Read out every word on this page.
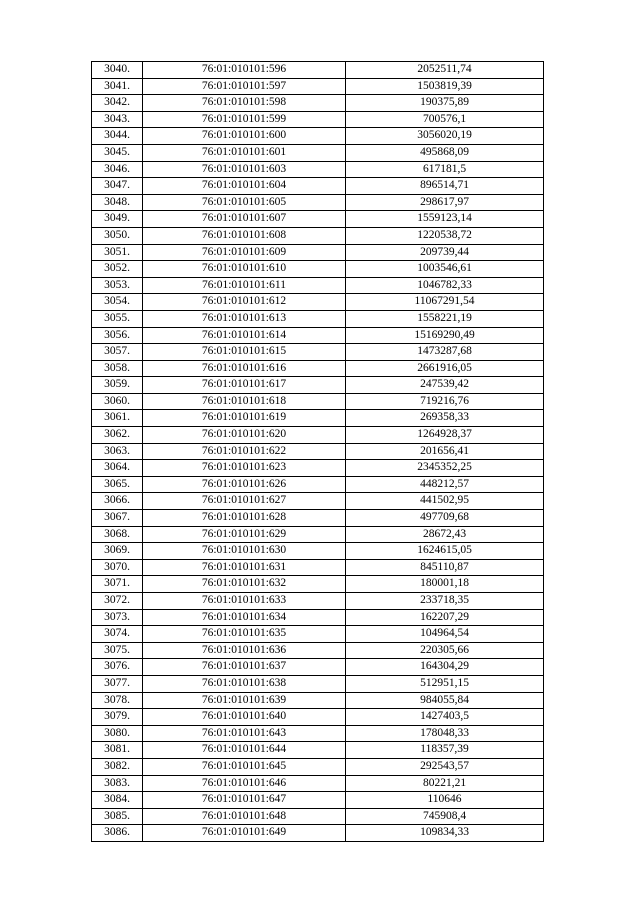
3040.	76:01:010101:596	2052511,74
3041.	76:01:010101:597	1503819,39
3042.	76:01:010101:598	190375,89
3043.	76:01:010101:599	700576,1
3044.	76:01:010101:600	3056020,19
3045.	76:01:010101:601	495868,09
3046.	76:01:010101:603	617181,5
3047.	76:01:010101:604	896514,71
3048.	76:01:010101:605	298617,97
3049.	76:01:010101:607	1559123,14
3050.	76:01:010101:608	1220538,72
3051.	76:01:010101:609	209739,44
3052.	76:01:010101:610	1003546,61
3053.	76:01:010101:611	1046782,33
3054.	76:01:010101:612	11067291,54
3055.	76:01:010101:613	1558221,19
3056.	76:01:010101:614	15169290,49
3057.	76:01:010101:615	1473287,68
3058.	76:01:010101:616	2661916,05
3059.	76:01:010101:617	247539,42
3060.	76:01:010101:618	719216,76
3061.	76:01:010101:619	269358,33
3062.	76:01:010101:620	1264928,37
3063.	76:01:010101:622	201656,41
3064.	76:01:010101:623	2345352,25
3065.	76:01:010101:626	448212,57
3066.	76:01:010101:627	441502,95
3067.	76:01:010101:628	497709,68
3068.	76:01:010101:629	28672,43
3069.	76:01:010101:630	1624615,05
3070.	76:01:010101:631	845110,87
3071.	76:01:010101:632	180001,18
3072.	76:01:010101:633	233718,35
3073.	76:01:010101:634	162207,29
3074.	76:01:010101:635	104964,54
3075.	76:01:010101:636	220305,66
3076.	76:01:010101:637	164304,29
3077.	76:01:010101:638	512951,15
3078.	76:01:010101:639	984055,84
3079.	76:01:010101:640	1427403,5
3080.	76:01:010101:643	178048,33
3081.	76:01:010101:644	118357,39
3082.	76:01:010101:645	292543,57
3083.	76:01:010101:646	80221,21
3084.	76:01:010101:647	110646
3085.	76:01:010101:648	745908,4
3086.	76:01:010101:649	109834,33
